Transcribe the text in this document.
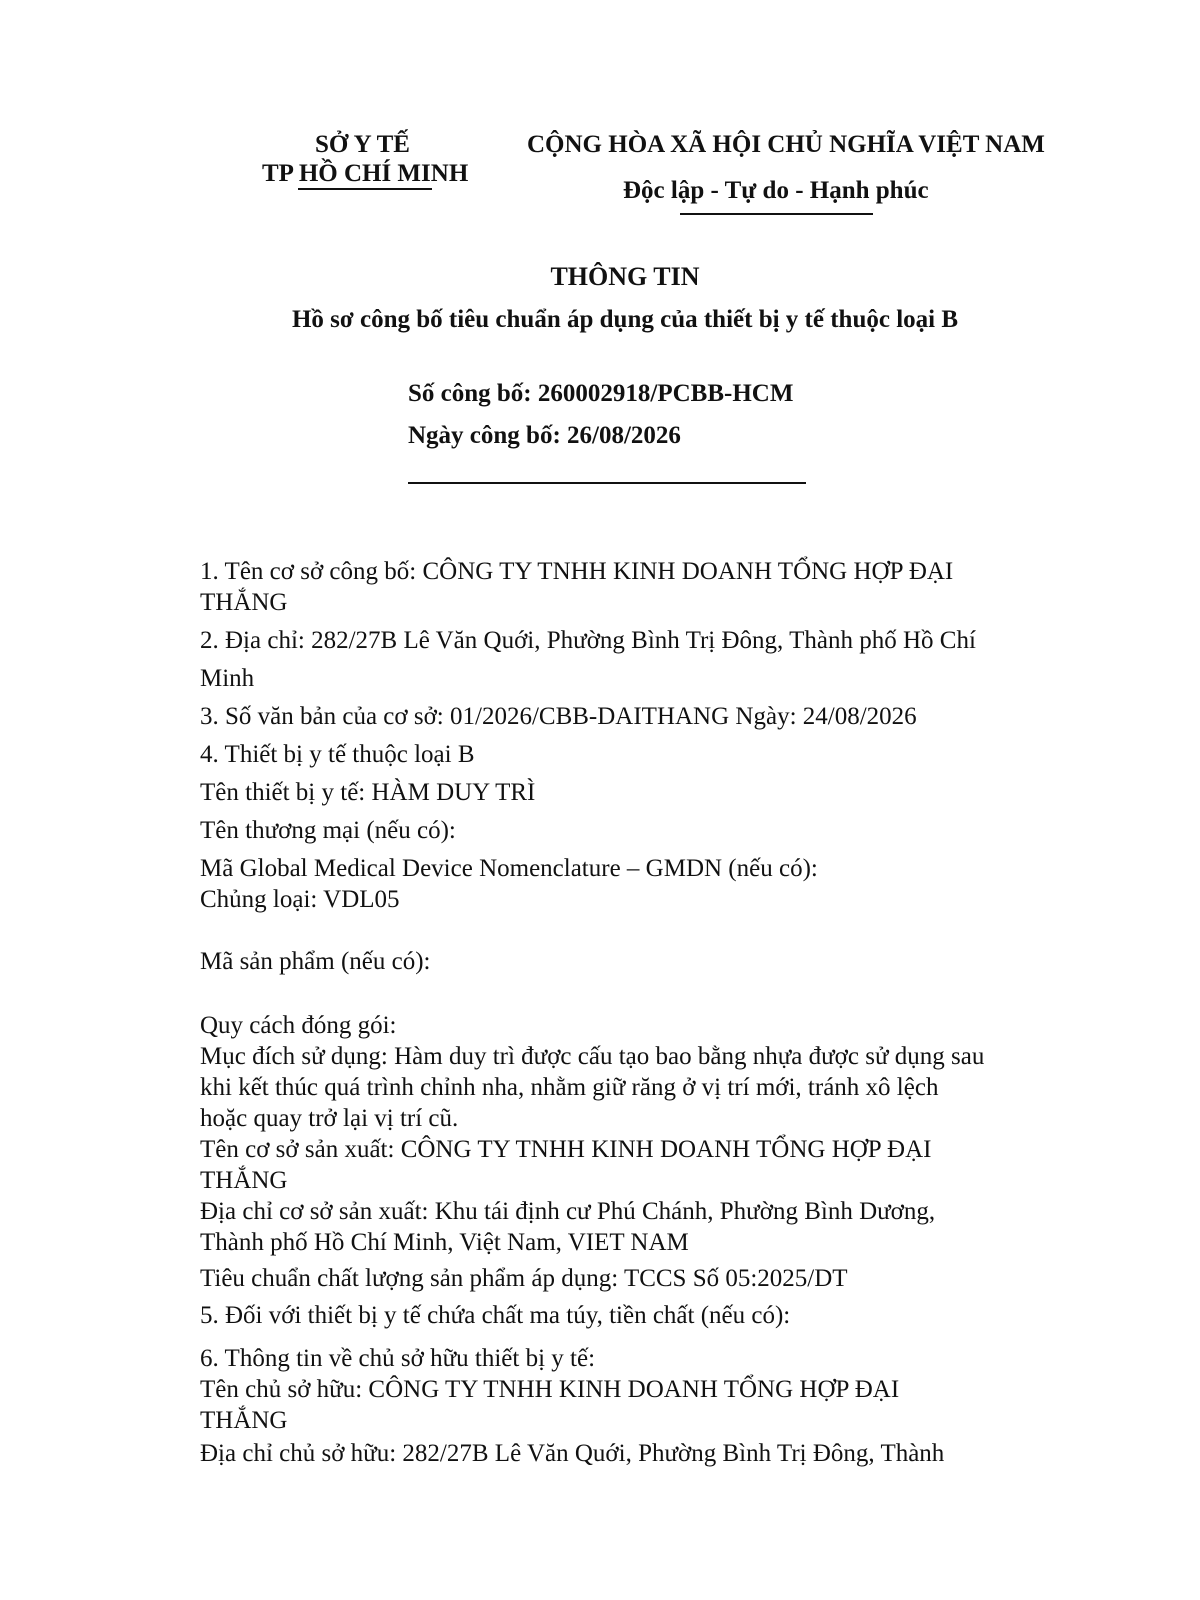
SỞ Y TẾ
TP HỒ CHÍ MINH
CỘNG HÒA XÃ HỘI CHỦ NGHĨA VIỆT NAM
Độc lập - Tự do - Hạnh phúc
THÔNG TIN
Hồ sơ công bố tiêu chuẩn áp dụng của thiết bị y tế thuộc loại B
Số công bố: 260002918/PCBB-HCM
Ngày công bố: 26/08/2026
1. Tên cơ sở công bố: CÔNG TY TNHH KINH DOANH TỔNG HỢP ĐẠI
THẮNG
2. Địa chỉ: 282/27B Lê Văn Quới, Phường Bình Trị Đông, Thành phố Hồ Chí
Minh
3. Số văn bản của cơ sở: 01/2026/CBB-DAITHANG Ngày: 24/08/2026
4. Thiết bị y tế thuộc loại B
Tên thiết bị y tế: HÀM DUY TRÌ
Tên thương mại (nếu có):
Mã Global Medical Device Nomenclature – GMDN (nếu có):
Chủng loại: VDL05
Mã sản phẩm (nếu có):
Quy cách đóng gói:
Mục đích sử dụng: Hàm duy trì được cấu tạo bao bằng nhựa được sử dụng sau
khi kết thúc quá trình chỉnh nha, nhằm giữ răng ở vị trí mới, tránh xô lệch
hoặc quay trở lại vị trí cũ.
Tên cơ sở sản xuất: CÔNG TY TNHH KINH DOANH TỔNG HỢP ĐẠI
THẮNG
Địa chỉ cơ sở sản xuất: Khu tái định cư Phú Chánh, Phường Bình Dương,
Thành phố Hồ Chí Minh, Việt Nam, VIET NAM
Tiêu chuẩn chất lượng sản phẩm áp dụng: TCCS Số 05:2025/DT
5. Đối với thiết bị y tế chứa chất ma túy, tiền chất (nếu có):
6. Thông tin về chủ sở hữu thiết bị y tế:
Tên chủ sở hữu: CÔNG TY TNHH KINH DOANH TỔNG HỢP ĐẠI
THẮNG
Địa chỉ chủ sở hữu: 282/27B Lê Văn Quới, Phường Bình Trị Đông, Thành
